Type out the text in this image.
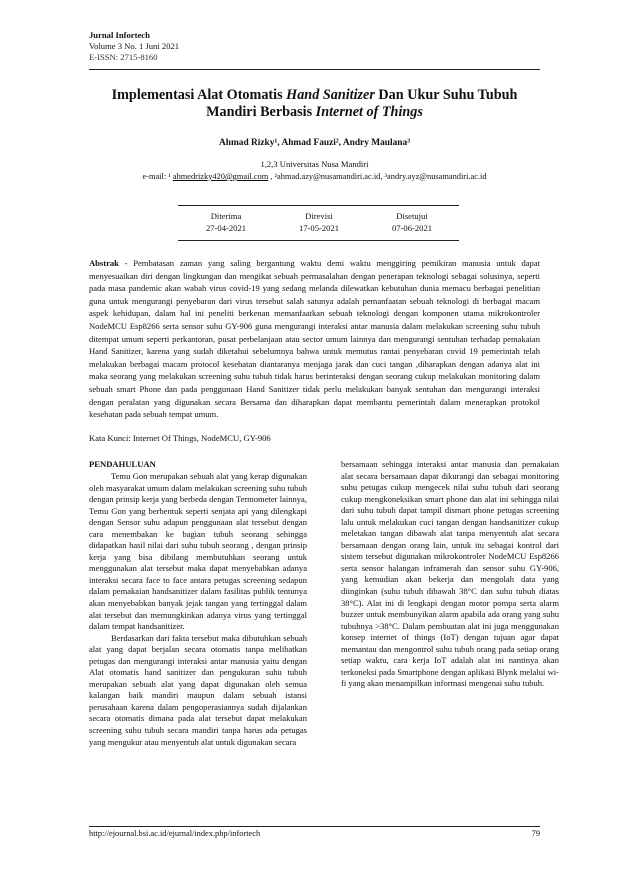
Jurnal Infortech
Volume 3 No. 1 Juni 2021
E-ISSN: 2715-8160
Implementasi Alat Otomatis Hand Sanitizer Dan Ukur Suhu Tubuh
Mandiri Berbasis Internet of Things
Ahmad Rizky¹, Ahmad Fauzi², Andry Maulana³
1,2,3 Universitas Nusa Mandiri
e-mail: ¹ ahmedrizky420@gmail.com , ²ahmad.azy@nusamandiri.ac.id, ³andry.ayz@nusamandiri.ac.id
Diterima
27-04-2021
Direvisi
17-05-2021
Disetujui
07-06-2021
Abstrak - Pembatasan zaman yang saling bergantung waktu demi waktu menggiring pemikiran manusia untuk dapat menyesuaikan diri dengan lingkungan dan mengikat sebuah permasalahan dengan penerapan teknologi sebagai solusinya, seperti pada masa pandemic akan wabah virus covid-19 yang sedang melanda dilewatkan kebutuhan dunia memacu berbagai penelitian guna untuk mengurangi penyebaran dari virus tersebut salah satunya adalah pemanfaatan sebuah teknologi di berbagai macam aspek kehidupan, dalam hal ini peneliti berkenan memanfaatkan sebuah teknologi dengan komponen utama mikrokontroler NodeMCU Esp8266 serta sensor suhu GY-906 guna mengurangi interaksi antar manusia dalam melakukan screening suhu tubuh ditempat umum seperti perkantoran, pusat perbelanjaan atau sector umum lainnya dan mengurangi sentuhan terhadap pemakaian Hand Sanitizer, karena yang sudah diketahui sebelumnya bahwa untuk memutus rantai penyebaran covid 19 pemerintah telah melakukan berbagai macam protocol kesehatan diantaranya menjaga jarak dan cuci tangan ,diharapkan dengan adanya alat ini maka seorang yang melakukan screening suhu tubuh tidak harus berinteraksi dengan seorang cukup melakukan monitoring dalam sebuah smart Phone dan pada penggunaan Hand Sanitizer tidak perlu melakukan banyak sentuhan dan mengurangi interaksi dengan peralatan yang digunakan secara Bersama dan diharapkan dapat membantu pemerintah dalam menerapkan protokol kesehatan pada sebuah tempat umum.
Kata Kunci: Internet Of Things, NodeMCU, GY-906
PENDAHULUAN

Temu Gon merupakan sebuah alat yang kerap digunakan oleh masyarakat umum dalam melakukan screening suhu tubuh dengan prinsip kerja yang berbeda dengan Termometer lainnya, Temu Gon yang berbentuk seperti senjata api yang dilengkapi dengan Sensor suhu adapun penggunaan alat tersebut dengan cara menembakan ke bagian tubuh seorang sehingga didapatkan hasil nilai dari suhu tubuh seorang , dengan prinsip kerja yang bisa dibilang membutuhkan seorang untuk menggunakan alat tersebut maka dapat menyebabkan adanya interaksi secara face to face antara petugas screening sedapun dalam pemakaian handsanitizer dalam fasilitas publik tentunya akan menyebabkan banyak jejak tangan yang tertinggal dalam alat tersebut dan memungkinkan adanya virus yang tertinggal dalam tempat handsanitizer.

Berdasarkan dari fakta tersebut maka dibutuhkan sebuah alat yang dapat berjalan secara otomatis tanpa melibatkan petugas dan mengurangi interaksi antar manusia yaitu dengan Alat otomatis hand sanitizer dan pengukuran suhu tubuh merupakan sebuah alat yang dapat digunakan oleh semua kalangan baik mandiri maupun dalam sebuah istansi perusahaan karena dalam pengoperasiannya sudah dijalankan secara otomatis dimana pada alat tersebut dapat melakukan screening suhu tubuh secara mandiri tanpa harus ada petugas yang mengukur atau menyentuh alat untuk digunakan secara

bersamaan sehingga interaksi antar manusia dan pemakaian alat secara bersamaan dapat dikurangi dan sebagai monitoring suhu petugas cukup mengecek nilai suhu tubuh dari seorang cukup mengkoneksikan smart phone dan alat ini sehingga nilai dari suhu tubuh dapat tampil dismart phone petugas screening lalu untuk melakukan cuci tangan dengan handsanitizer cukup meletakan tangan dibawah alat tanpa menyentuh alat secara bersamaan dengan orang lain, untuk itu sebagai kontrol dari sistem tersebut digunakan mikrokontroler NodeMCU Esp8266 serta sensor halangan inframerah dan sensor suhu GY-906, yang kemudian akan bekerja dan mengolah data yang diinginkan (suhu tubuh dibawah 38°C dan suhu tubuh diatas 38°C). Alat ini di lengkapi dengan motor pompa serta alarm buzzer untuk membunyikan alarm apabila ada orang yang suhu tubuhnya >38°C. Dalam pembuatan alat ini juga menggunakan konsep internet of things (IoT) dengan tujuan agar dapat memantau dan mengontrol suhu tubuh orang pada setiap orang setiap waktu, cara kerja IoT adalah alat ini nantinya akan terkoneksi pada Smartphone dengan aplikasi Blynk melalui wi-fi yang akan menampilkan informasi mengenai suhu tubuh.

http://ejournal.bsi.ac.id/ejurnal/index.php/infortech	79
